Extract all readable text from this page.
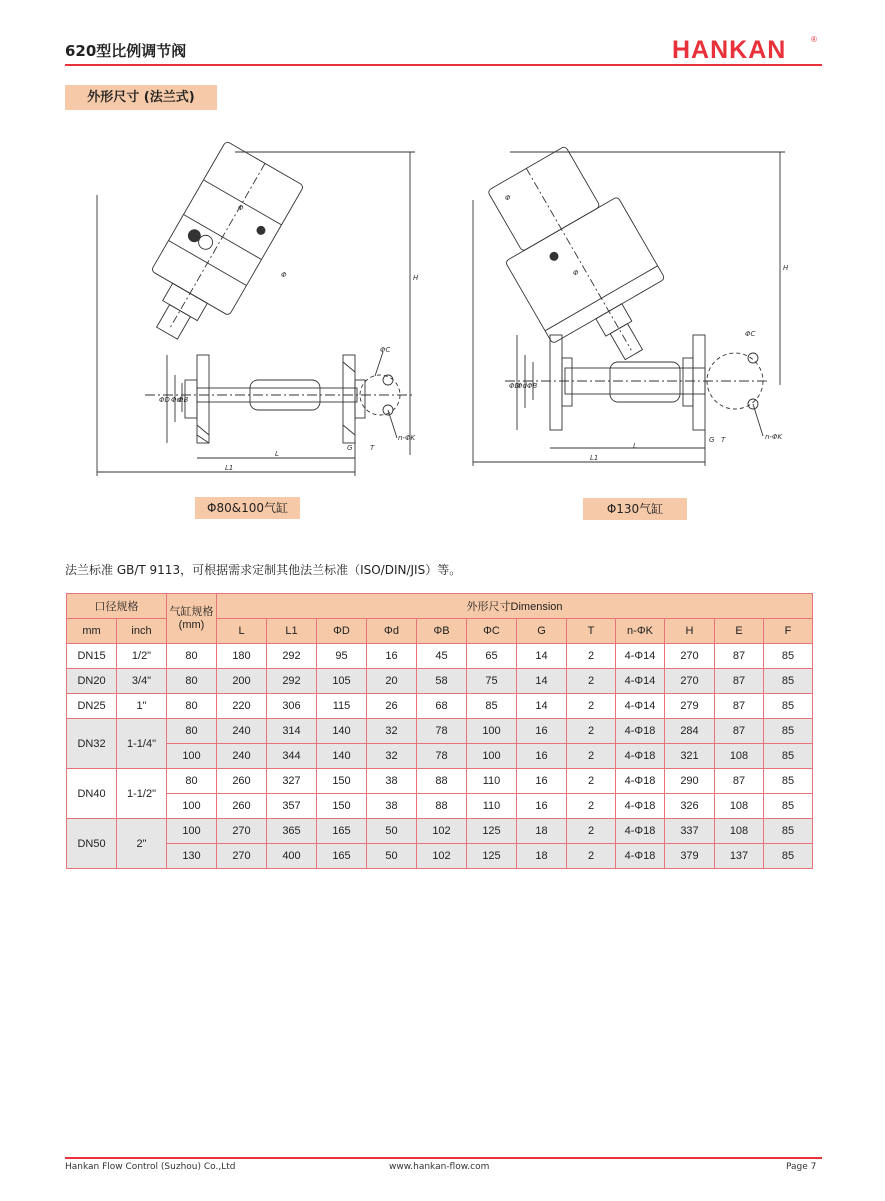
620型比例调节阀	HANKAN	®
外形尺寸 (法兰式)
Φ
Φ	H
ΦC
n-ΦK
G	T
L
L1
ΦD Φd
ΦB
Φ80&100气缸
Φ
Φ
H
ΦC
n-ΦK
G T
L
L1
ΦD
Φd ΦB
Φ130气缸
法兰标准 GB/T 9113，可根据需求定制其他法兰标准（ISO/DIN/JIS）等。
口径规格		气缸规格
(mm)	外形尺寸Dimension											
mm	inch		L	L1	ΦD	Φd	ΦB	ΦC	G	T	n-ΦK	H	E	F
DN15	1/2"	80	180	292	95	16	45	65	14	2	4-Φ14	270	87	85
DN20	3/4"	80	200	292	105	20	58	75	14	2	4-Φ14	270	87	85
DN25	1"	80	220	306	115	26	68	85	14	2	4-Φ14	279	87	85
DN32	1-1/4"	80	240	314	140	32	78	100	16	2	4-Φ18	284	87	85
		100	240	344	140	32	78	100	16	2	4-Φ18	321	108	85
DN40	1-1/2"	80	260	327	150	38	88	110	16	2	4-Φ18	290	87	85
		100	260	357	150	38	88	110	16	2	4-Φ18	326	108	85
DN50	2"	100	270	365	165	50	102	125	18	2	4-Φ18	337	108	85
		130	270	400	165	50	102	125	18	2	4-Φ18	379	137	85
Hankan Flow Control (Suzhou) Co.,Ltd	www.hankan-flow.com	Page 7
